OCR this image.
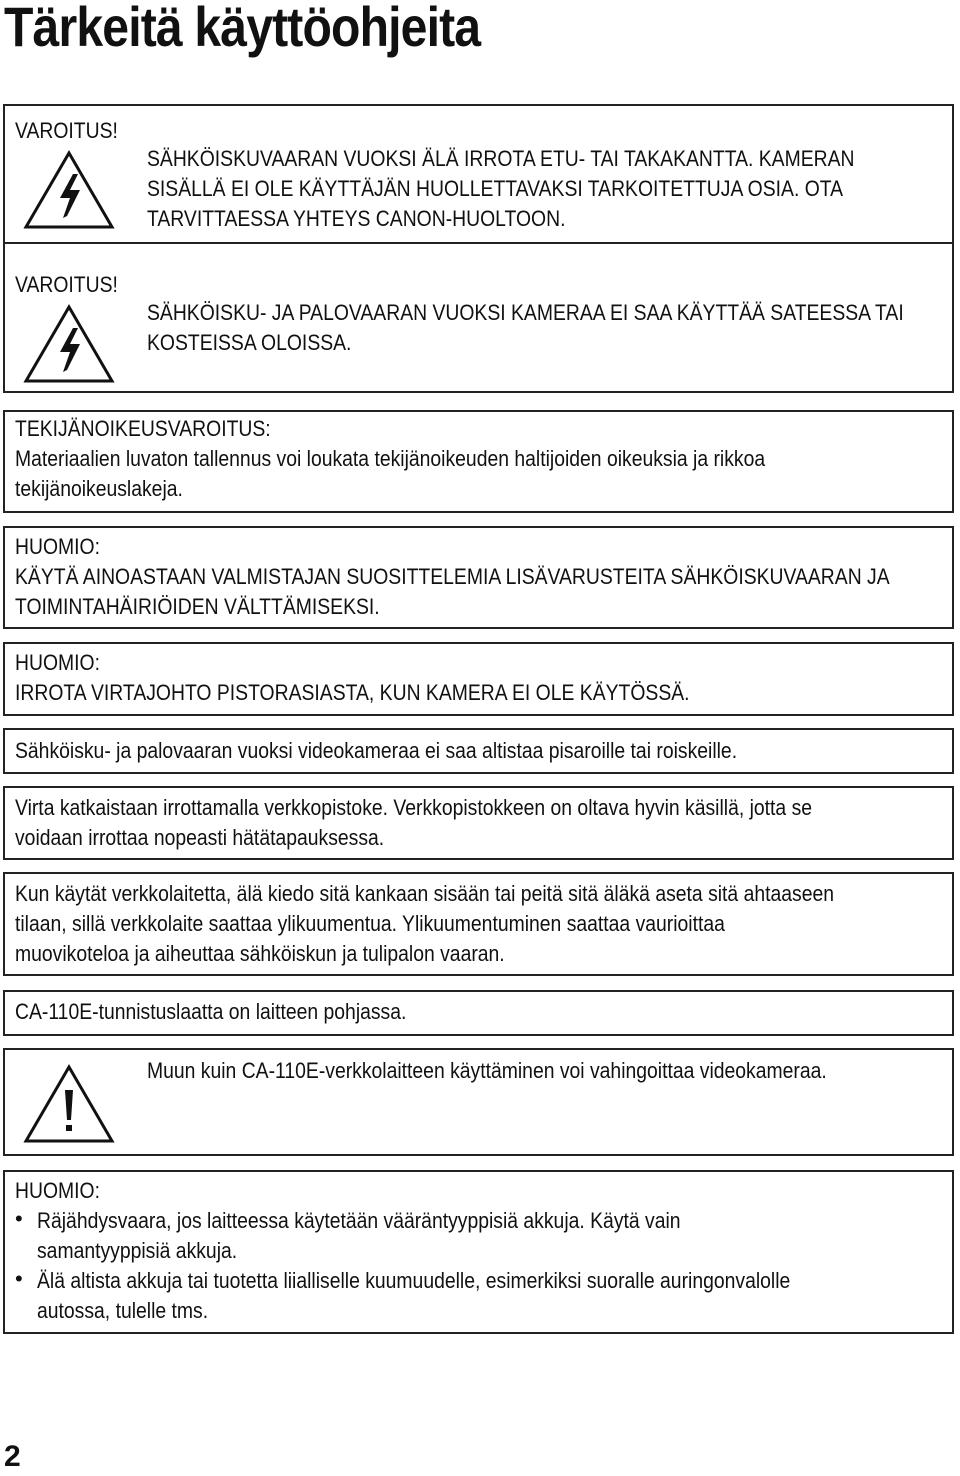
Tärkeitä käyttöohjeita
VAROITUS!
SÄHKÖISKUVAARAN VUOKSI ÄLÄ IRROTA ETU- TAI TAKAKANTTA. KAMERAN
SISÄLLÄ EI OLE KÄYTTÄJÄN HUOLLETTAVAKSI TARKOITETTUJA OSIA. OTA
TARVITTAESSA YHTEYS CANON-HUOLTOON.
VAROITUS!
SÄHKÖISKU- JA PALOVAARAN VUOKSI KAMERAA EI SAA KÄYTTÄÄ SATEESSA TAI
KOSTEISSA OLOISSA.
TEKIJÄNOIKEUSVAROITUS:
Materiaalien luvaton tallennus voi loukata tekijänoikeuden haltijoiden oikeuksia ja rikkoa
tekijänoikeuslakeja.
HUOMIO:
KÄYTÄ AINOASTAAN VALMISTAJAN SUOSITTELEMIA LISÄVARUSTEITA SÄHKÖISKUVAARAN JA
TOIMINTAHÄIRIÖIDEN VÄLTTÄMISEKSI.
HUOMIO:
IRROTA VIRTAJOHTO PISTORASIASTA, KUN KAMERA EI OLE KÄYTÖSSÄ.
Sähköisku- ja palovaaran vuoksi videokameraa ei saa altistaa pisaroille tai roiskeille.
Virta katkaistaan irrottamalla verkkopistoke. Verkkopistokkeen on oltava hyvin käsillä, jotta se
voidaan irrottaa nopeasti hätätapauksessa.
Kun käytät verkkolaitetta, älä kiedo sitä kankaan sisään tai peitä sitä äläkä aseta sitä ahtaaseen
tilaan, sillä verkkolaite saattaa ylikuumentua. Ylikuumentuminen saattaa vaurioittaa
muovikoteloa ja aiheuttaa sähköiskun ja tulipalon vaaran.
CA-110E-tunnistuslaatta on laitteen pohjassa.
Muun kuin CA-110E-verkkolaitteen käyttäminen voi vahingoittaa videokameraa.
HUOMIO:
• Räjähdysvaara, jos laitteessa käytetään vääräntyyppisiä akkuja. Käytä vain
samantyyppisiä akkuja.
• Älä altista akkuja tai tuotetta liialliselle kuumuudelle, esimerkiksi suoralle auringonvalolle
autossa, tulelle tms.
2
